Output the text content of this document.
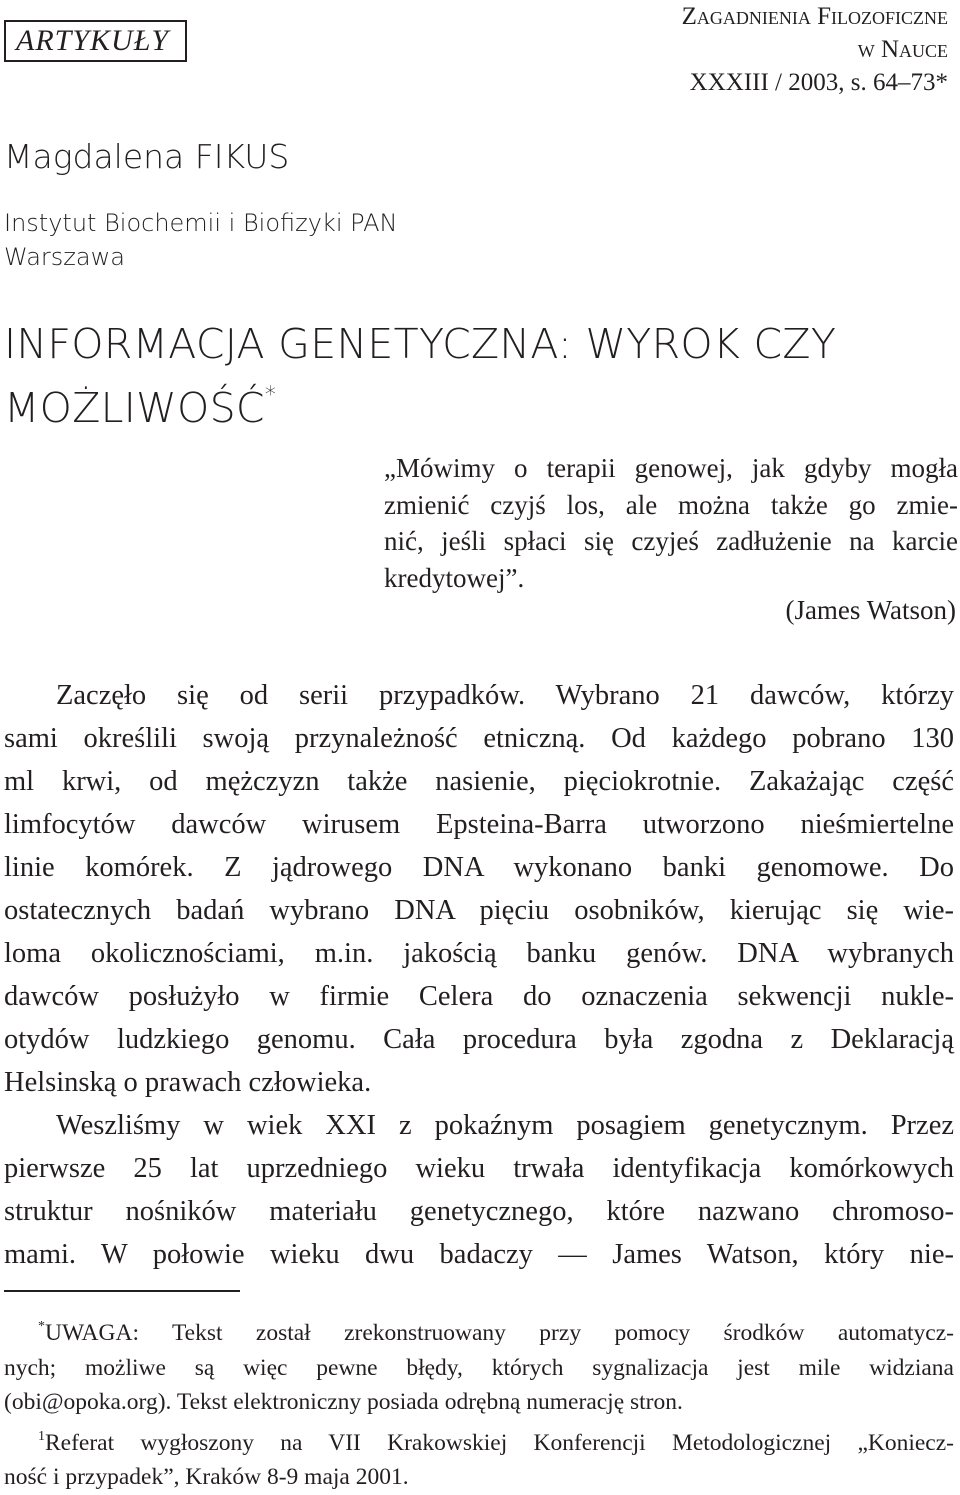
ARTYKUŁY
Zagadnienia Filozoficzne
w Nauce
XXXIII / 2003, s. 64–73*
Magdalena FIKUS
Instytut Biochemii i Biofizyki PAN
Warszawa
INFORMACJA GENETYCZNA: WYROK CZY
MOŻLIWOŚĆ*
„Mówimy o terapii genowej, jak gdyby mogła
zmienić czyjś los, ale można także go zmie-
nić, jeśli spłaci się czyjeś zadłużenie na karcie
kredytowej”.
(James Watson)
Zaczęło się od serii przypadków. Wybrano 21 dawców, którzy
sami określili swoją przynależność etniczną. Od każdego pobrano 130
ml krwi, od mężczyzn także nasienie, pięciokrotnie. Zakażając część
limfocytów dawców wirusem Epsteina-Barra utworzono nieśmiertelne
linie komórek. Z jądrowego DNA wykonano banki genomowe. Do
ostatecznych badań wybrano DNA pięciu osobników, kierując się wie-
loma okolicznościami, m.in. jakością banku genów. DNA wybranych
dawców posłużyło w firmie Celera do oznaczenia sekwencji nukle-
otydów ludzkiego genomu. Cała procedura była zgodna z Deklaracją
Helsinską o prawach człowieka.
Weszliśmy w wiek XXI z pokaźnym posagiem genetycznym. Przez
pierwsze 25 lat uprzedniego wieku trwała identyfikacja komórkowych
struktur nośników materiału genetycznego, które nazwano chromoso-
mami. W połowie wieku dwu badaczy — James Watson, który nie-
*UWAGA: Tekst został zrekonstruowany przy pomocy środków automatycz-
nych; możliwe są więc pewne błędy, których sygnalizacja jest mile widziana
(obi@opoka.org). Tekst elektroniczny posiada odrębną numerację stron.
$^1$Referat wygłoszony na VII Krakowskiej Konferencji Metodologicznej „Koniecz-
ność i przypadek”, Kraków 8-9 maja 2001.
